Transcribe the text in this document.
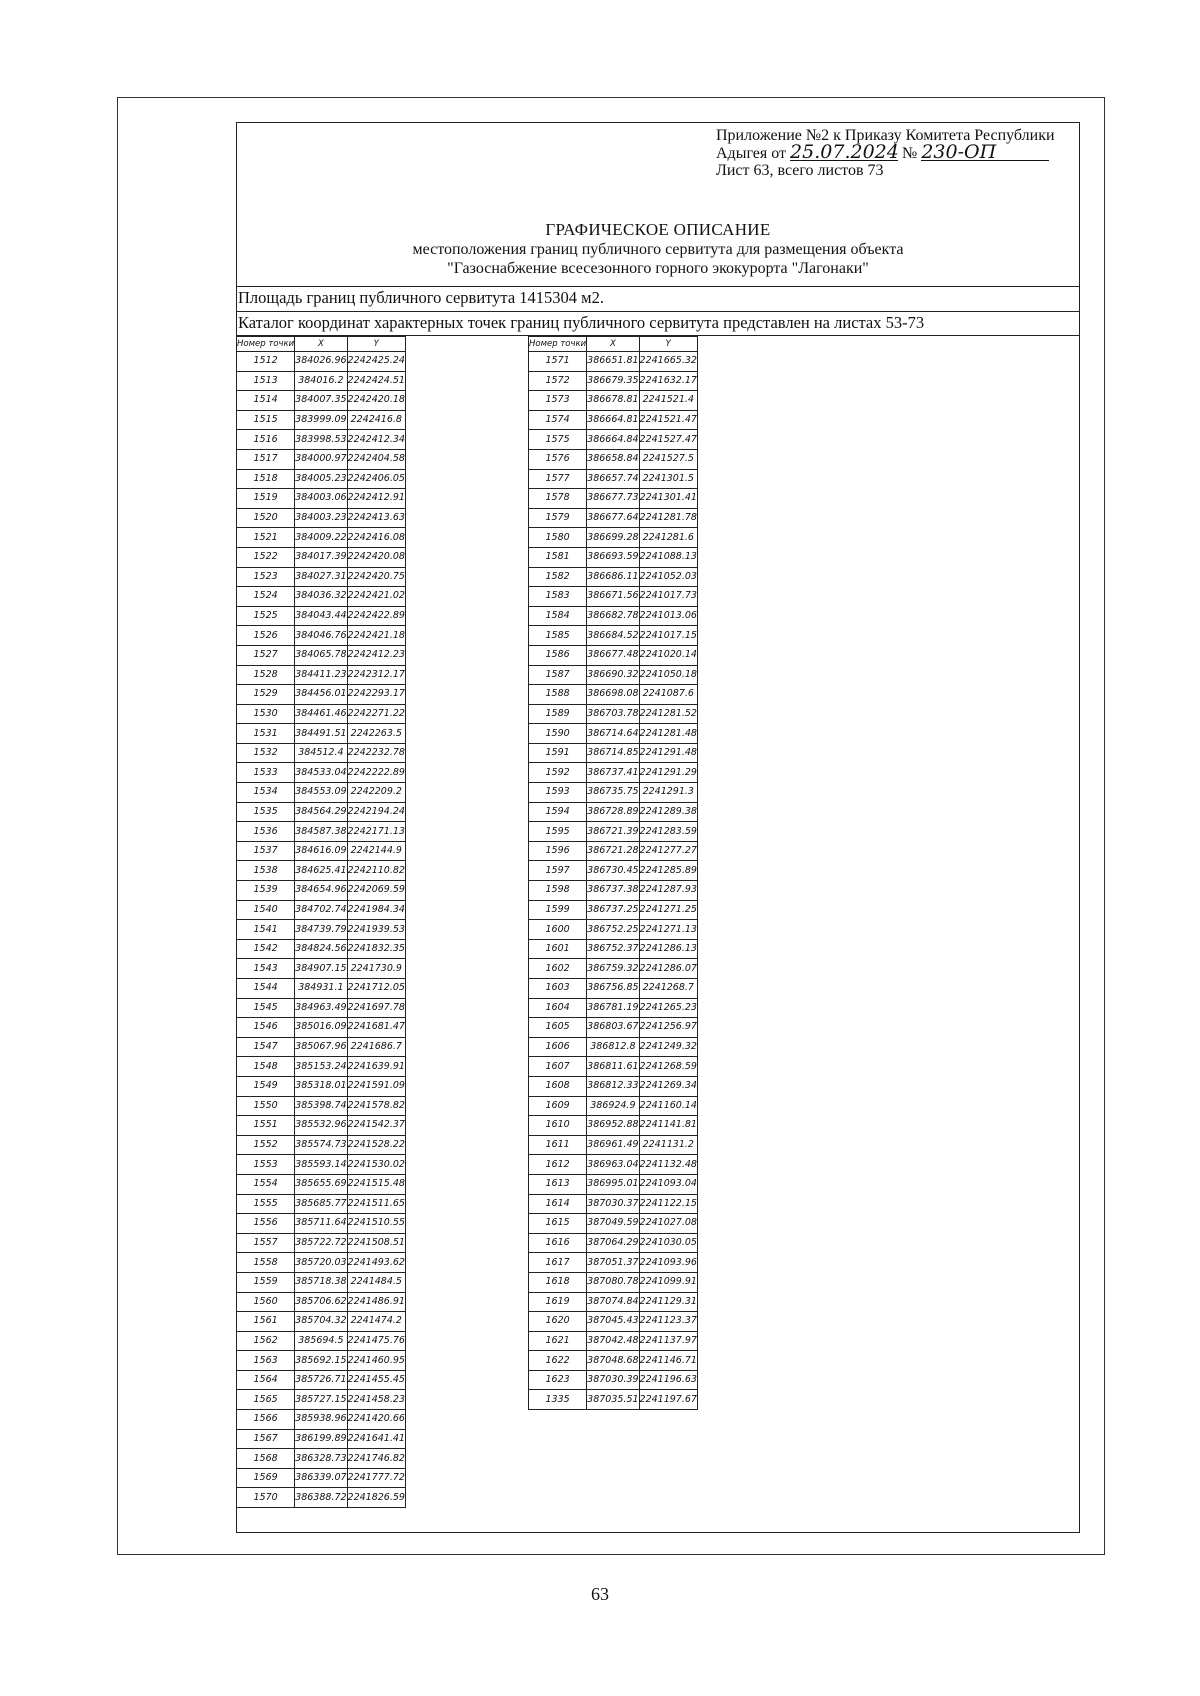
Приложение №2 к Приказу Комитета Республики
Адыгея от 25.07.2024 № 230-ОП
Лист 63, всего листов 73
ГРАФИЧЕСКОЕ ОПИСАНИЕ
местоположения границ публичного сервитута для размещения объекта
"Газоснабжение всесезонного горного экокурорта "Лагонаки"
Площадь границ публичного сервитута 1415304 м2.
Каталог координат характерных точек границ публичного сервитута представлен на листах 53-73
Номер точки	X	Y
1512	384026.96	2242425.24
1513	384016.2	2242424.51
1514	384007.35	2242420.18
1515	383999.09	2242416.8
1516	383998.53	2242412.34
1517	384000.97	2242404.58
1518	384005.23	2242406.05
1519	384003.06	2242412.91
1520	384003.23	2242413.63
1521	384009.22	2242416.08
1522	384017.39	2242420.08
1523	384027.31	2242420.75
1524	384036.32	2242421.02
1525	384043.44	2242422.89
1526	384046.76	2242421.18
1527	384065.78	2242412.23
1528	384411.23	2242312.17
1529	384456.01	2242293.17
1530	384461.46	2242271.22
1531	384491.51	2242263.5
1532	384512.4	2242232.78
1533	384533.04	2242222.89
1534	384553.09	2242209.2
1535	384564.29	2242194.24
1536	384587.38	2242171.13
1537	384616.09	2242144.9
1538	384625.41	2242110.82
1539	384654.96	2242069.59
1540	384702.74	2241984.34
1541	384739.79	2241939.53
1542	384824.56	2241832.35
1543	384907.15	2241730.9
1544	384931.1	2241712.05
1545	384963.49	2241697.78
1546	385016.09	2241681.47
1547	385067.96	2241686.7
1548	385153.24	2241639.91
1549	385318.01	2241591.09
1550	385398.74	2241578.82
1551	385532.96	2241542.37
1552	385574.73	2241528.22
1553	385593.14	2241530.02
1554	385655.69	2241515.48
1555	385685.77	2241511.65
1556	385711.64	2241510.55
1557	385722.72	2241508.51
1558	385720.03	2241493.62
1559	385718.38	2241484.5
1560	385706.62	2241486.91
1561	385704.32	2241474.2
1562	385694.5	2241475.76
1563	385692.15	2241460.95
1564	385726.71	2241455.45
1565	385727.15	2241458.23
1566	385938.96	2241420.66
1567	386199.89	2241641.41
1568	386328.73	2241746.82
1569	386339.07	2241777.72
1570	386388.72	2241826.59
Номер точки	X	Y
1571	386651.81	2241665.32
1572	386679.35	2241632.17
1573	386678.81	2241521.4
1574	386664.81	2241521.47
1575	386664.84	2241527.47
1576	386658.84	2241527.5
1577	386657.74	2241301.5
1578	386677.73	2241301.41
1579	386677.64	2241281.78
1580	386699.28	2241281.6
1581	386693.59	2241088.13
1582	386686.11	2241052.03
1583	386671.56	2241017.73
1584	386682.78	2241013.06
1585	386684.52	2241017.15
1586	386677.48	2241020.14
1587	386690.32	2241050.18
1588	386698.08	2241087.6
1589	386703.78	2241281.52
1590	386714.64	2241281.48
1591	386714.85	2241291.48
1592	386737.41	2241291.29
1593	386735.75	2241291.3
1594	386728.89	2241289.38
1595	386721.39	2241283.59
1596	386721.28	2241277.27
1597	386730.45	2241285.89
1598	386737.38	2241287.93
1599	386737.25	2241271.25
1600	386752.25	2241271.13
1601	386752.37	2241286.13
1602	386759.32	2241286.07
1603	386756.85	2241268.7
1604	386781.19	2241265.23
1605	386803.67	2241256.97
1606	386812.8	2241249.32
1607	386811.61	2241268.59
1608	386812.33	2241269.34
1609	386924.9	2241160.14
1610	386952.88	2241141.81
1611	386961.49	2241131.2
1612	386963.04	2241132.48
1613	386995.01	2241093.04
1614	387030.37	2241122.15
1615	387049.59	2241027.08
1616	387064.29	2241030.05
1617	387051.37	2241093.96
1618	387080.78	2241099.91
1619	387074.84	2241129.31
1620	387045.43	2241123.37
1621	387042.48	2241137.97
1622	387048.68	2241146.71
1623	387030.39	2241196.63
1335	387035.51	2241197.67
63
